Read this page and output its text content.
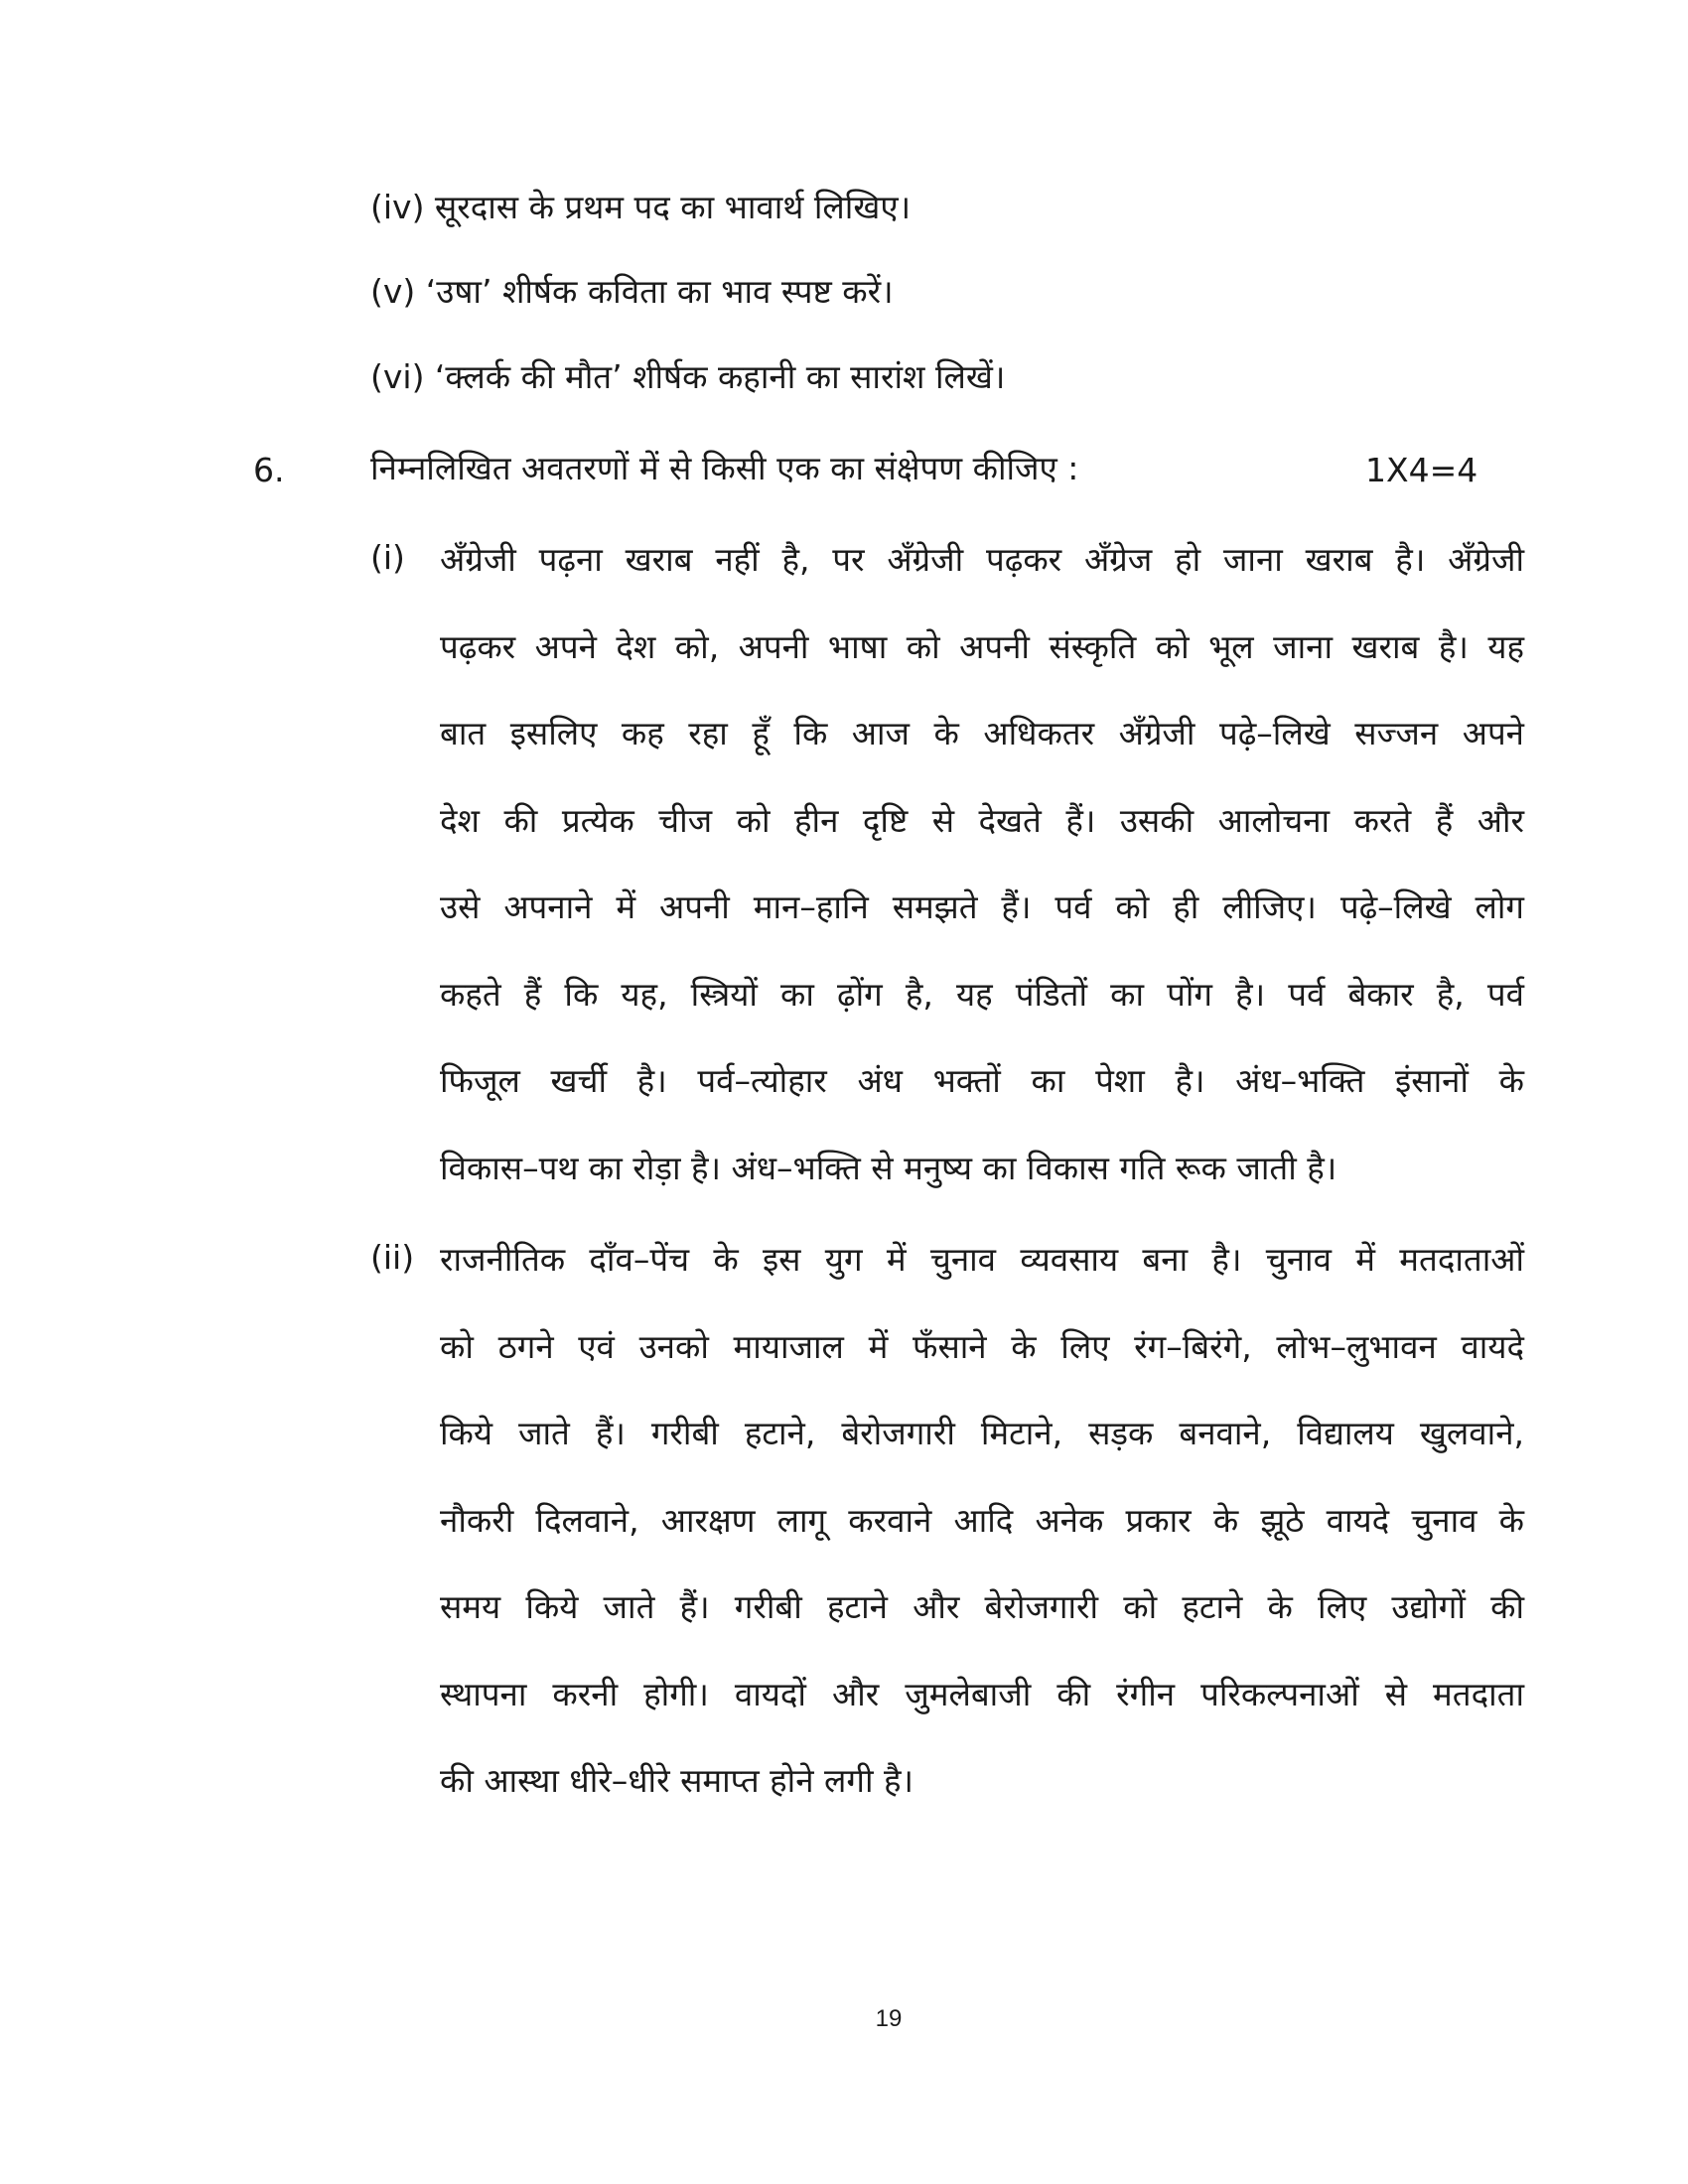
(iv) सूरदास के प्रथम पद का भावार्थ लिखिए।
(v) ‘उषा’ शीर्षक कविता का भाव स्पष्ट करें।
(vi) ‘क्लर्क की मौत’ शीर्षक कहानी का सारांश लिखें।
6.	निम्नलिखित अवतरणों में से किसी एक का संक्षेपण कीजिए :	1X4=4
(i) अँग्रेजी पढ़ना खराब नहीं है, पर अँग्रेजी पढ़कर अँग्रेज हो जाना खराब है। अँग्रेजी
पढ़कर अपने देश को, अपनी भाषा को अपनी संस्कृति को भूल जाना खराब है। यह
बात इसलिए कह रहा हूँ कि आज के अधिकतर अँग्रेजी पढ़े–लिखे सज्जन अपने
देश की प्रत्येक चीज को हीन दृष्टि से देखते हैं। उसकी आलोचना करते हैं और
उसे अपनाने में अपनी मान–हानि समझते हैं। पर्व को ही लीजिए। पढ़े–लिखे लोग
कहते हैं कि यह, स्त्रियों का ढ़ोंग है, यह पंडितों का पोंग है। पर्व बेकार है, पर्व
फिजूल खर्ची है। पर्व–त्योहार अंध भक्तों का पेशा है। अंध–भक्ति इंसानों के
विकास–पथ का रोड़ा है। अंध–भक्ति से मनुष्य का विकास गति रूक जाती है।
(ii) राजनीतिक दाँव–पेंच के इस युग में चुनाव व्यवसाय बना है। चुनाव में मतदाताओं
को ठगने एवं उनको मायाजाल में फँसाने के लिए रंग–बिरंगे, लोभ–लुभावन वायदे
किये जाते हैं। गरीबी हटाने, बेरोजगारी मिटाने, सड़क बनवाने, विद्यालय खुलवाने,
नौकरी दिलवाने, आरक्षण लागू करवाने आदि अनेक प्रकार के झूठे वायदे चुनाव के
समय किये जाते हैं। गरीबी हटाने और बेरोजगारी को हटाने के लिए उद्योगों की
स्थापना करनी होगी। वायदों और जुमलेबाजी की रंगीन परिकल्पनाओं से मतदाता
की आस्था धीरे–धीरे समाप्त होने लगी है।
19
